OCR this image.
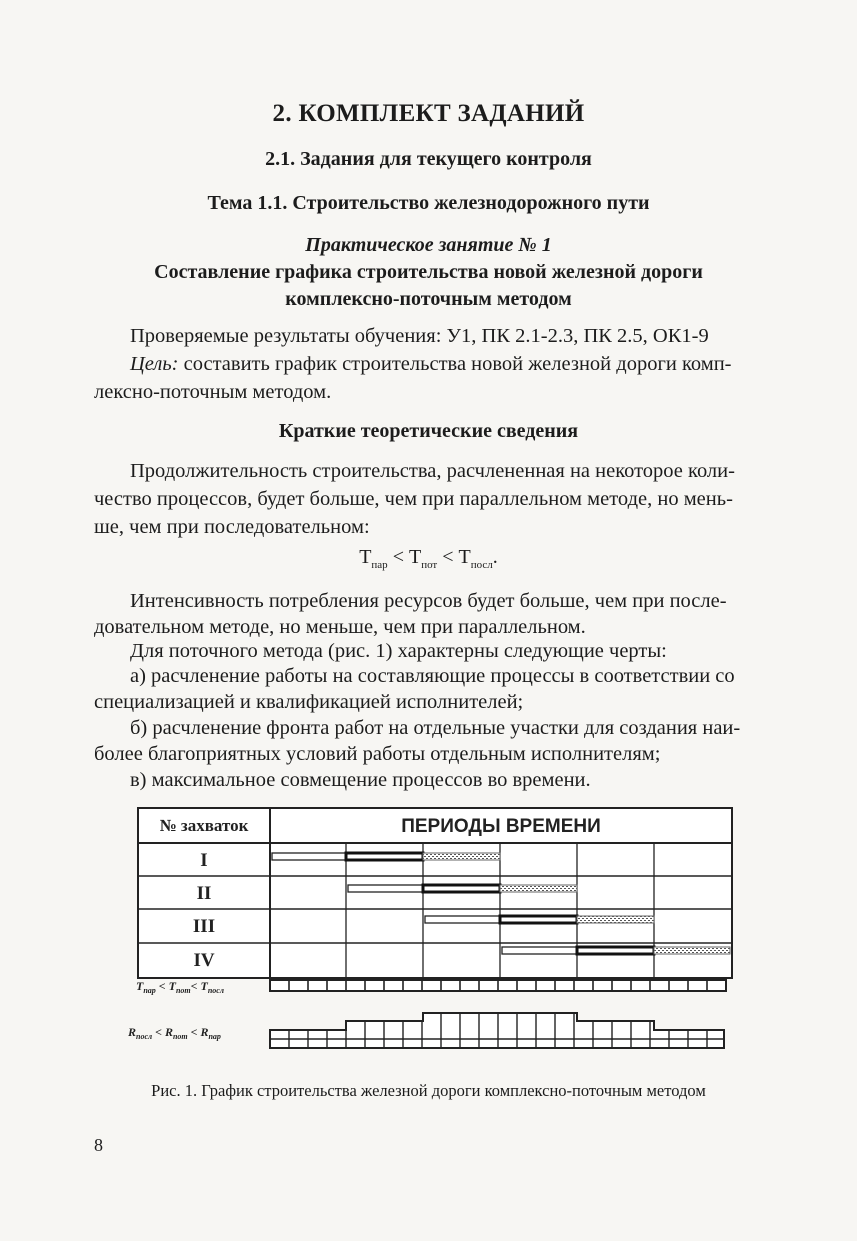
2. КОМПЛЕКТ ЗАДАНИЙ
2.1. Задания для текущего контроля
Тема 1.1. Строительство железнодорожного пути
Практическое занятие № 1
Составление графика строительства новой железной дороги
комплексно-поточным методом
Проверяемые результаты обучения: У1, ПК 2.1-2.3, ПК 2.5, ОК1-9
Цель: составить график строительства новой железной дороги комп-
лексно-поточным методом.
Краткие теоретические сведения
Продолжительность строительства, расчлененная на некоторое коли-
чество процессов, будет больше, чем при параллельном методе, но мень-
ше, чем при последовательном:
$Т_{пар} < Т_{пот} < Т_{посл}$.
Интенсивность потребления ресурсов будет больше, чем при после-
довательном методе, но меньше, чем при параллельном.
Для поточного метода (рис. 1) характерны следующие черты:
а) расчленение работы на составляющие процессы в соответствии со
специализацией и квалификацией исполнителей;
б) расчленение фронта работ на отдельные участки для создания наи-
более благоприятных условий работы отдельным исполнителям;
в) максимальное совмещение процессов во времени.
№ захваток	ПЕРИОДЫ ВРЕМЕНИ
I
II
III
IV
$T_{пар} < T_{пот}< T_{посл}$
$R_{посл} < R_{пот} < R_{пар}$
Рис. 1. График строительства железной дороги комплексно-поточным методом
8
